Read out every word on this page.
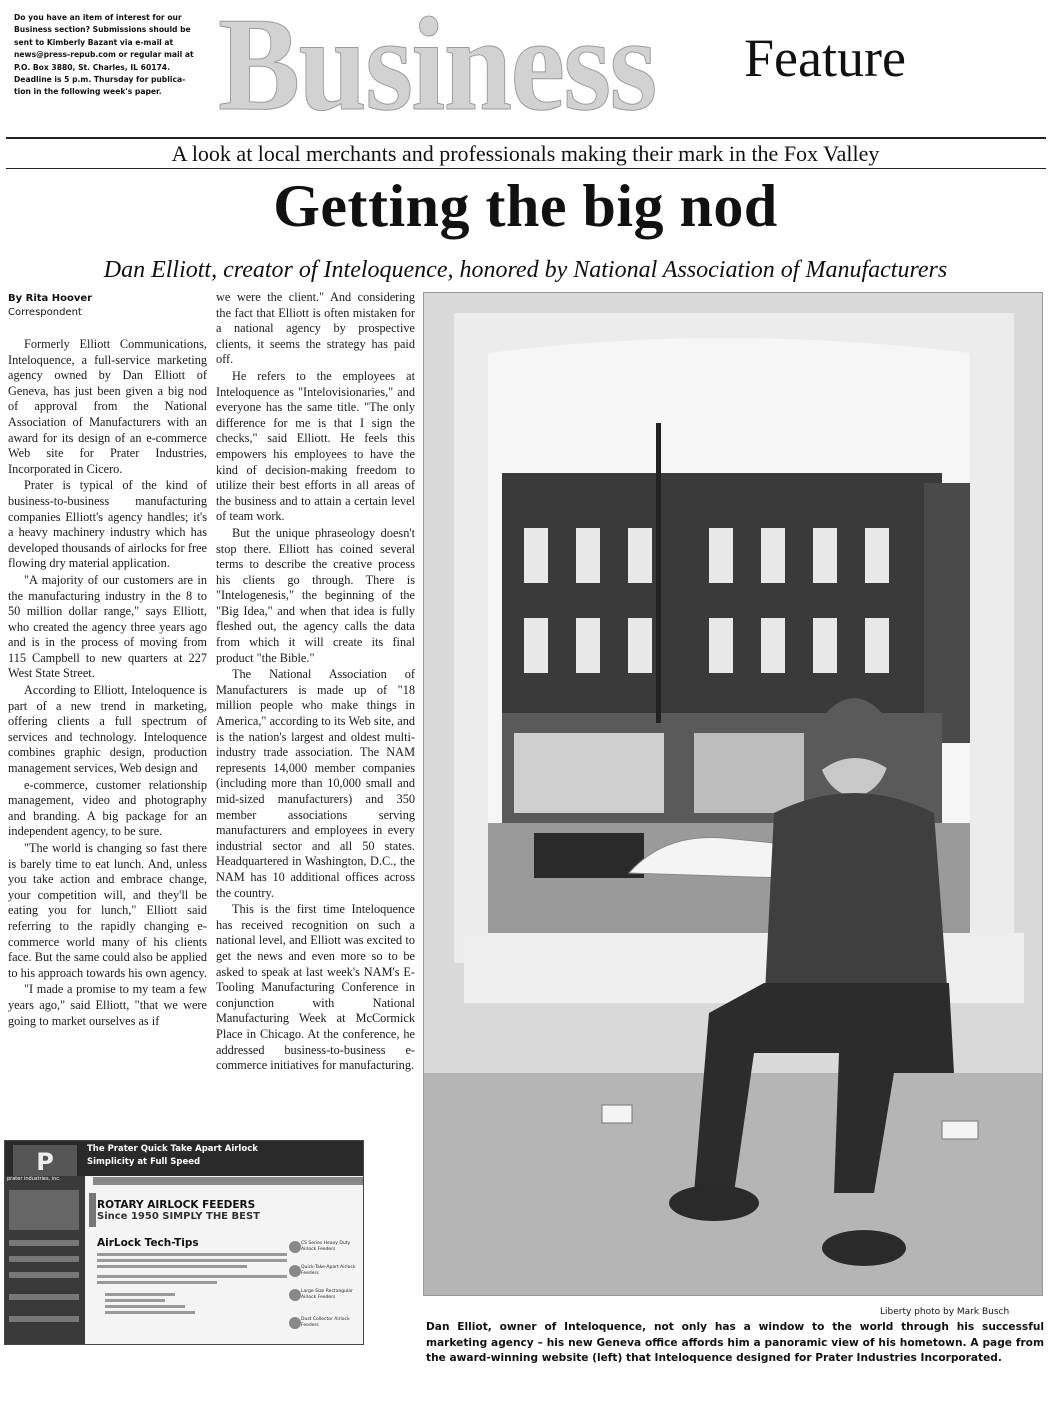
Do you have an item of interest for our
Business section? Submissions should be
sent to Kimberly Bazant via e-mail at
news@press-repub.com or regular mail at
P.O. Box 3880, St. Charles, IL 60174.
Deadline is 5 p.m. Thursday for publica-
tion in the following week's paper. Business Feature
A look at local merchants and professionals making their mark in the Fox Valley
Getting the big nod
Dan Elliott, creator of Inteloquence, honored by National Association of Manufacturers
By Rita Hoover
Correspondent

Formerly Elliott Communications, Inteloquence, a full-service marketing agency owned by Dan Elliott of Geneva, has just been given a big nod of approval from the National Association of Manufacturers with an award for its design of an e-commerce Web site for Prater Industries, Incorporated in Cicero.

Prater is typical of the kind of business-to-business manufacturing companies Elliott's agency handles; it's a heavy machinery industry which has developed thousands of airlocks for free flowing dry material application.

"A majority of our customers are in the manufacturing industry in the 8 to 50 million dollar range," says Elliott, who created the agency three years ago and is in the process of moving from 115 Campbell to new quarters at 227 West State Street.

According to Elliott, Inteloquence is part of a new trend in marketing, offering clients a full spectrum of services and technology. Inteloquence combines graphic design, production management services, Web design and

e-commerce, customer relationship management, video and photography and branding. A big package for an independent agency, to be sure.

"The world is changing so fast there is barely time to eat lunch. And, unless you take action and embrace change, your competition will, and they'll be eating you for lunch," Elliott said referring to the rapidly changing e-commerce world many of his clients face. But the same could also be applied to his approach towards his own agency.

"I made a promise to my team a few years ago," said Elliott, "that we were going to market ourselves as if

we were the client." And considering the fact that Elliott is often mistaken for a national agency by prospective clients, it seems the strategy has paid off.

He refers to the employees at Inteloquence as "Intelovisionaries," and everyone has the same title. "The only difference for me is that I sign the checks," said Elliott. He feels this empowers his employees to have the kind of decision-making freedom to utilize their best efforts in all areas of the business and to attain a certain level of team work.

But the unique phraseology doesn't stop there. Elliott has coined several terms to describe the creative process his clients go through. There is "Intelogenesis," the beginning of the "Big Idea," and when that idea is fully fleshed out, the agency calls the data from which it will create its final product "the Bible."

The National Association of Manufacturers is made up of "18 million people who make things in America," according to its Web site, and is the nation's largest and oldest multi-industry trade association. The NAM represents 14,000 member companies (including more than 10,000 small and mid-sized manufacturers) and 350 member associations serving manufacturers and employees in every industrial sector and all 50 states. Headquartered in Washington, D.C., the NAM has 10 additional offices across the country.

This is the first time Inteloquence has received recognition on such a national level, and Elliott was excited to get the news and even more so to be asked to speak at last week's NAM's E-Tooling Manufacturing Conference in conjunction with National Manufacturing Week at McCormick Place in Chicago. At the conference, he addressed business-to-business e-commerce initiatives for manufacturing.

P	The Prater Quick Take Apart Airlock
Simplicity at Full Speed
prater industries, inc.
ROTARY AIRLOCK FEEDERS
Since 1950 SIMPLY THE BEST
AirLock Tech-Tips	CS Series Heavy Duty Airlock Feeders
Quick-Take-Apart Airlock Feeders
Large Size Rectangular Airlock Feeders
Dust Collector Airlock Feeders
Liberty photo by Mark Busch
Dan Elliot, owner of Inteloquence, not only has a window to the world through his successful marketing agency – his new Geneva office affords him a panoramic view of his hometown. A page from the award-winning website (left) that Inteloquence designed for Prater Industries Incorporated.
